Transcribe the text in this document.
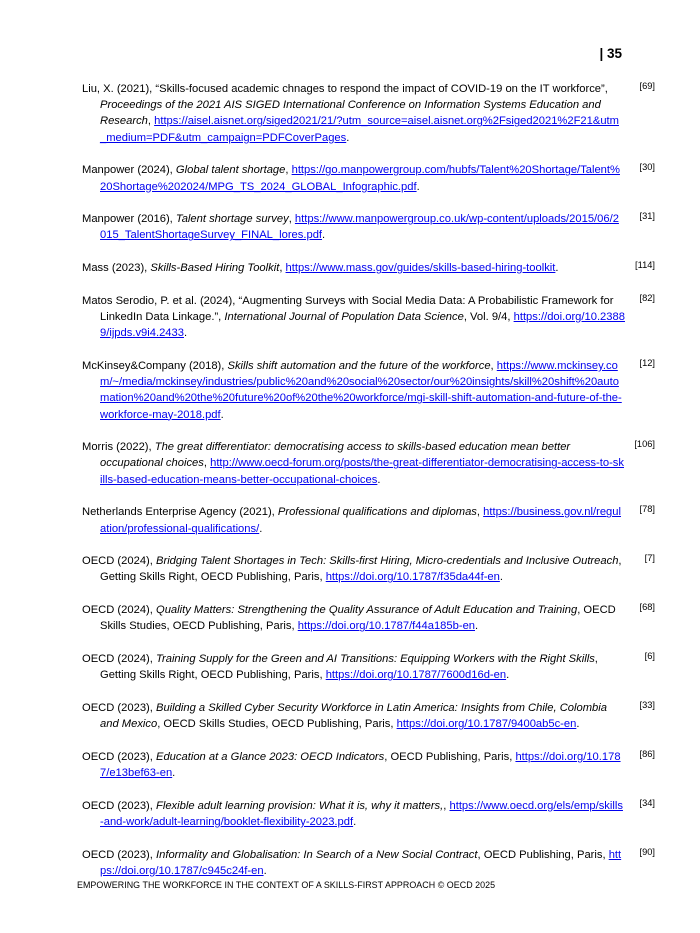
| 35
Liu, X. (2021), “Skills-focused academic chnages to respond the impact of COVID-19 on the IT workforce”, Proceedings of the 2021 AIS SIGED International Conference on Information Systems Education and Research, https://aisel.aisnet.org/siged2021/21/?utm_source=aisel.aisnet.org%2Fsiged2021%2F21&utm_medium=PDF&utm_campaign=PDFCoverPages.
[69]
Manpower (2024), Global talent shortage, https://go.manpowergroup.com/hubfs/Talent%20Shortage/Talent%20Shortage%202024/MPG_TS_2024_GLOBAL_Infographic.pdf.
[30]
Manpower (2016), Talent shortage survey, https://www.manpowergroup.co.uk/wp-content/uploads/2015/06/2015_TalentShortageSurvey_FINAL_lores.pdf.
[31]
Mass (2023), Skills-Based Hiring Toolkit, https://www.mass.gov/guides/skills-based-hiring-toolkit.	[114]
Matos Serodio, P. et al. (2024), “Augmenting Surveys with Social Media Data: A Probabilistic Framework for LinkedIn Data Linkage.”, International Journal of Population Data Science, Vol. 9/4, https://doi.org/10.23889/ijpds.v9i4.2433.
[82]
McKinsey&Company (2018), Skills shift automation and the future of the workforce, https://www.mckinsey.com/~/media/mckinsey/industries/public%20and%20social%20sector/our%20insights/skill%20shift%20automation%20and%20the%20future%20of%20the%20workforce/mgi-skill-shift-automation-and-future-of-the-workforce-may-2018.pdf.
[12]
Morris (2022), The great differentiator: democratising access to skills-based education mean better occupational choices, http://www.oecd-forum.org/posts/the-great-differentiator-democratising-access-to-skills-based-education-means-better-occupational-choices.
[106]
Netherlands Enterprise Agency (2021), Professional qualifications and diplomas, https://business.gov.nl/regulation/professional-qualifications/.
[78]
OECD (2024), Bridging Talent Shortages in Tech: Skills-first Hiring, Micro-credentials and Inclusive Outreach, Getting Skills Right, OECD Publishing, Paris, https://doi.org/10.1787/f35da44f-en.
[7]
OECD (2024), Quality Matters: Strengthening the Quality Assurance of Adult Education and Training, OECD Skills Studies, OECD Publishing, Paris, https://doi.org/10.1787/f44a185b-en.
[68]
OECD (2024), Training Supply for the Green and AI Transitions: Equipping Workers with the Right Skills, Getting Skills Right, OECD Publishing, Paris, https://doi.org/10.1787/7600d16d-en.
[6]
OECD (2023), Building a Skilled Cyber Security Workforce in Latin America: Insights from Chile, Colombia and Mexico, OECD Skills Studies, OECD Publishing, Paris, https://doi.org/10.1787/9400ab5c-en.
[33]
OECD (2023), Education at a Glance 2023: OECD Indicators, OECD Publishing, Paris, https://doi.org/10.1787/e13bef63-en.
[86]
OECD (2023), Flexible adult learning provision: What it is, why it matters,, https://www.oecd.org/els/emp/skills-and-work/adult-learning/booklet-flexibility-2023.pdf.
[34]
OECD (2023), Informality and Globalisation: In Search of a New Social Contract, OECD Publishing, Paris, https://doi.org/10.1787/c945c24f-en.
[90]
EMPOWERING THE WORKFORCE IN THE CONTEXT OF A SKILLS-FIRST APPROACH © OECD 2025
